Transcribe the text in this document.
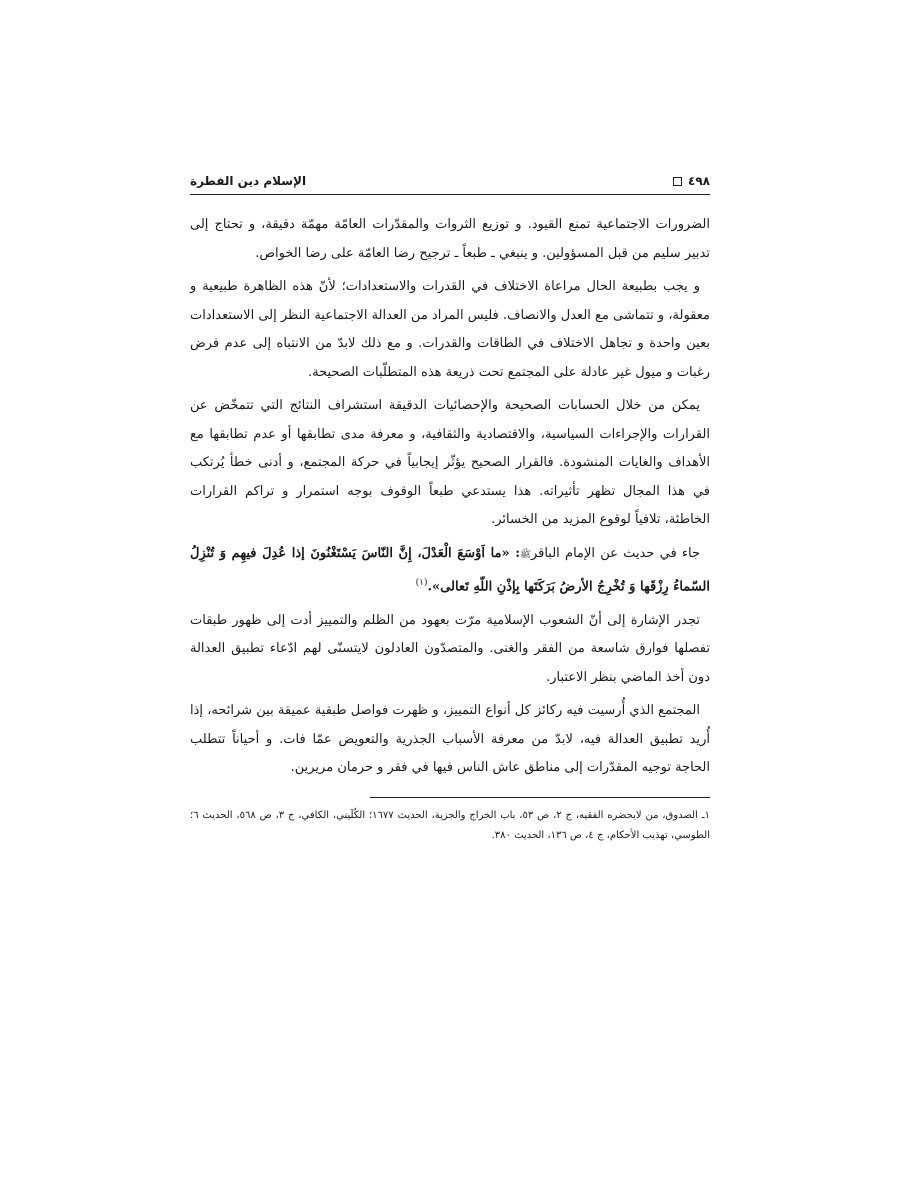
٤٩٨
الإسلام دين الفطرة

الضرورات الاجتماعية تمنع القيود. و توزيع الثروات والمقدّرات العامّة مهمّة دقيقة، و تحتاج إلى تدبير سليم من قبل المسؤولين. و ينبغي ـ طبعاً ـ ترجيح رضا العامّة على رضا الخواص.

و يجب بطبيعة الحال مراعاة الاختلاف في القدرات والاستعدادات؛ لأنّ هذه الظاهرة طبيعية و معقولة، و تتماشى مع العدل والانصاف. فليس المراد من العدالة الاجتماعية النظر إلى الاستعدادات بعين واحدة و تجاهل الاختلاف في الطاقات والقدرات. و مع ذلك لابدّ من الانتباه إلى عدم فرض رغبات و ميول غير عادلة على المجتمع تحت ذريعة هذه المتطلّبات الصحيحة.

يمكن من خلال الحسابات الصحيحة والإحصائيات الدقيقة استشراف النتائج التي تتمخّض عن القرارات والإجراءات السياسية، والاقتصادية والثقافية، و معرفة مدى تطابقها أو عدم تطابقها مع الأهداف والغايات المنشودة. فالقرار الصحيح يؤثّر إيجابياً في حركة المجتمع، و أدنى خطأ يُرتكب في هذا المجال تظهر تأثيراته. هذا يستدعي طبعاً الوقوف بوجه استمرار و تراكم القرارات الخاطئة، تلافياً لوقوع المزيد من الخسائر.

جاء في حديث عن الإمام الباقرﷺ: «ما اَوْسَعَ الْعَدْلَ، إِنَّ النّاسَ يَسْتَغْنُونَ إذا عُدِلَ فيهِم وَ تُنْزِلُ السّماءُ رِزْقَها وَ تُخْرِجُ الأرضُ بَرَكَتَها بِإذْنِ اللّهِ تَعالى».$^{(١)}$

تجدر الإشارة إلى أنّ الشعوب الإسلامية مرّت بعهود من الظلم والتمييز أدت إلى ظهور طبقات تفصلها فوارق شاسعة من الفقر والغنى. والمتصدّون العادلون لايتسنّى لهم ادّعاء تطبيق العدالة دون أخذ الماضي بنظر الاعتبار.

المجتمع الذي أُرسيت فيه ركائز كل أنواع التمييز، و ظهرت فواصل طبقية عميقة بين شرائحه، إذا أُريد تطبيق العدالة فيه، لابدّ من معرفة الأسباب الجذرية والتعويض عمّا فات. و أحياناً تتطلب الحاجة توجيه المقدّرات إلى مناطق عاش الناس فيها في فقر و حرمان مريرين.

١ـ الصدوق، من لايحضره الفقيه، ج ٢، ص ٥٣، باب الخراج والجزية، الحديث ١٦٧٧؛ الكُلَيني، الكافي، ج ٣، ص ٥٦٨، الحديث ٦؛ الطوسي، تهذيب الأحكام، ج ٤، ص ١٣٦، الحديث ٣٨٠.
